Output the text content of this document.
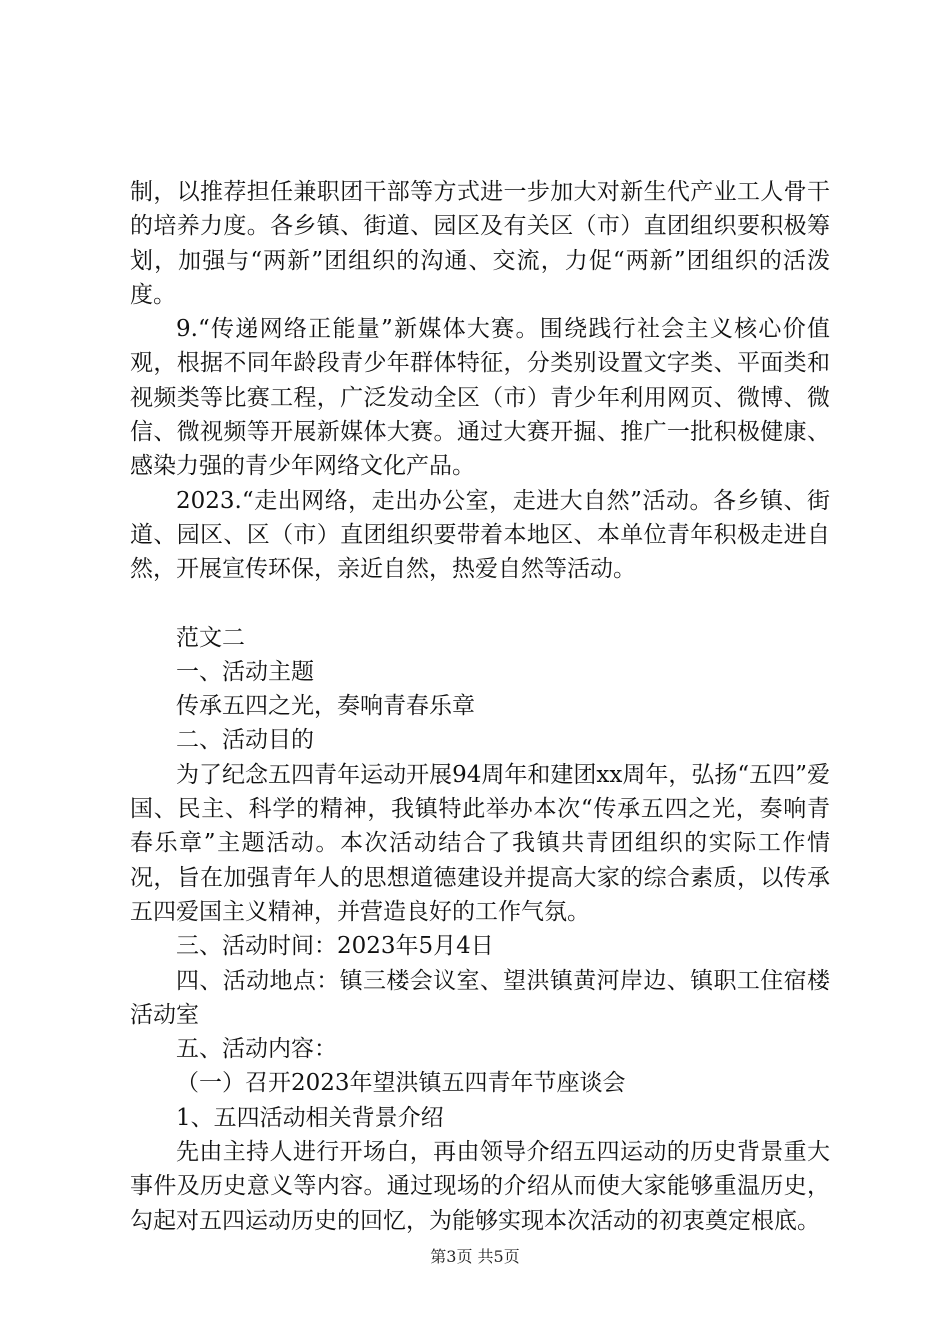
制，以推荐担任兼职团干部等方式进一步加大对新生代产业工人骨干的培养力度。各乡镇、街道、园区及有关区（市）直团组织要积极筹划，加强与“两新”团组织的沟通、交流，力促“两新”团组织的活泼度。

9.“传递网络正能量”新媒体大赛。围绕践行社会主义核心价值观，根据不同年龄段青少年群体特征，分类别设置文字类、平面类和视频类等比赛工程，广泛发动全区（市）青少年利用网页、微博、微信、微视频等开展新媒体大赛。通过大赛开掘、推广一批积极健康、感染力强的青少年网络文化产品。

2023.“走出网络，走出办公室，走进大自然”活动。各乡镇、街道、园区、区（市）直团组织要带着本地区、本单位青年积极走进自然，开展宣传环保，亲近自然，热爱自然等活动。

范文二

一、活动主题

传承五四之光，奏响青春乐章

二、活动目的

为了纪念五四青年运动开展94周年和建团xx周年，弘扬“五四”爱国、民主、科学的精神，我镇特此举办本次“传承五四之光，奏响青春乐章”主题活动。本次活动结合了我镇共青团组织的实际工作情况，旨在加强青年人的思想道德建设并提高大家的综合素质，以传承五四爱国主义精神，并营造良好的工作气氛。

三、活动时间：2023年5月4日

四、活动地点：镇三楼会议室、望洪镇黄河岸边、镇职工住宿楼活动室

五、活动内容：

（一）召开2023年望洪镇五四青年节座谈会

1、五四活动相关背景介绍

先由主持人进行开场白，再由领导介绍五四运动的历史背景重大事件及历史意义等内容。通过现场的介绍从而使大家能够重温历史，勾起对五四运动历史的回忆，为能够实现本次活动的初衷奠定根底。

第3页 共5页
